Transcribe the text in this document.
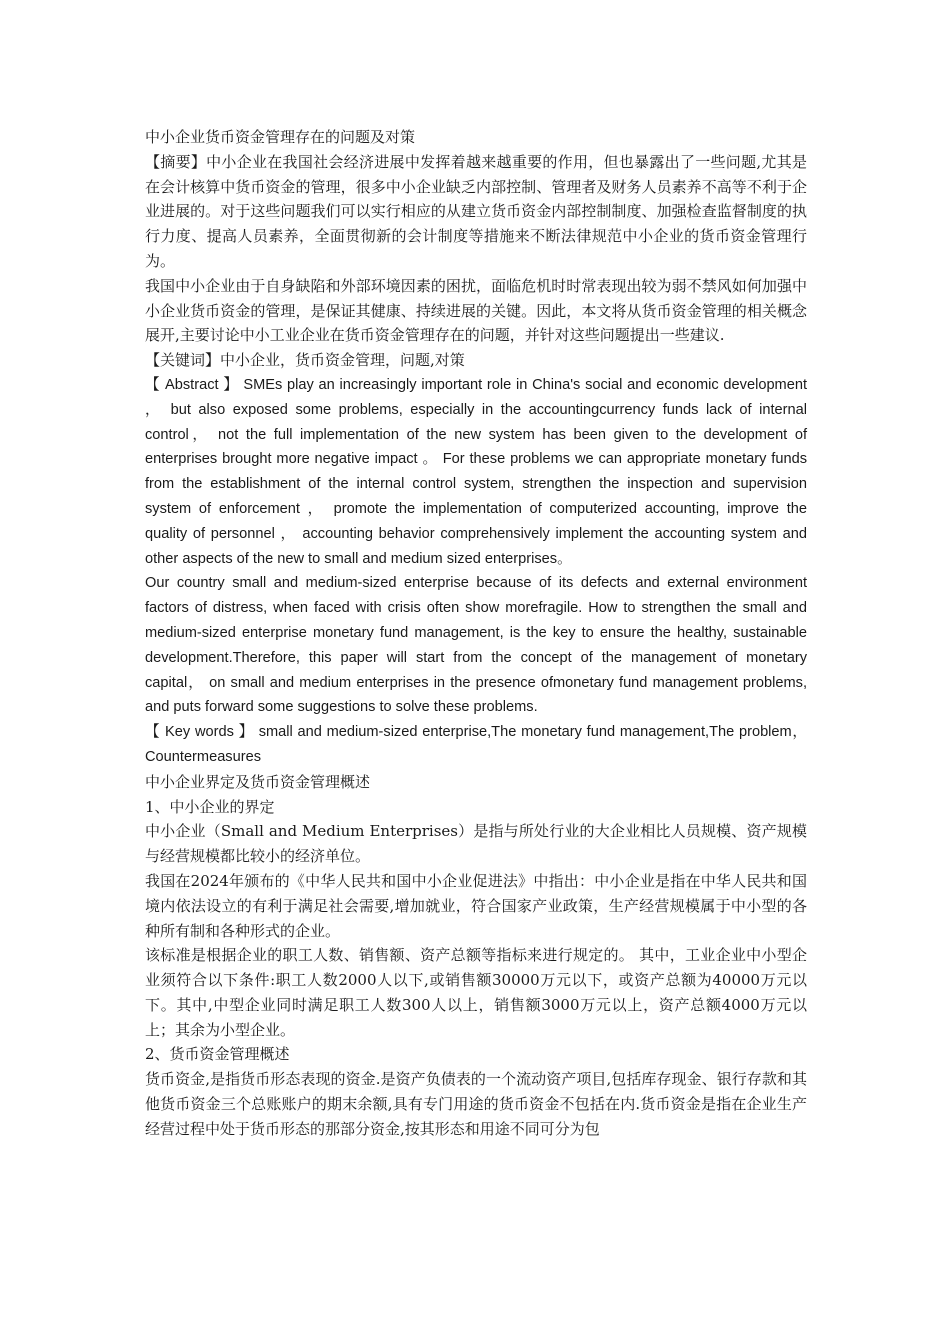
中小企业货币资金管理存在的问题及对策

【摘要】中小企业在我国社会经济进展中发挥着越来越重要的作用，但也暴露出了一些问题,尤其是在会计核算中货币资金的管理，很多中小企业缺乏内部控制、管理者及财务人员素养不高等不利于企业进展的。对于这些问题我们可以实行相应的从建立货币资金内部控制制度、加强检查监督制度的执行力度、提高人员素养，全面贯彻新的会计制度等措施来不断法律规范中小企业的货币资金管理行为。

我国中小企业由于自身缺陷和外部环境因素的困扰，面临危机时时常表现出较为弱不禁风如何加强中小企业货币资金的管理，是保证其健康、持续进展的关键。因此，本文将从货币资金管理的相关概念展开,主要讨论中小工业企业在货币资金管理存在的问题，并针对这些问题提出一些建议.

【关键词】中小企业，货币资金管理，问题,对策

【 Abstract 】 SMEs play an increasingly important role in China's social and economic development ， but also exposed some problems, especially in the accountingcurrency funds lack of internal control， not the full implementation of the new system has been given to the development of enterprises brought more negative impact 。 For these problems we can appropriate monetary funds from the establishment of the internal control system, strengthen the inspection and supervision system of enforcement ， promote the implementation of computerized accounting, improve the quality of personnel ， accounting behavior comprehensively implement the accounting system and other aspects of the new to small and medium sized enterprises。

Our country small and medium-sized enterprise because of its defects and external environment factors of distress, when faced with crisis often show morefragile. How to strengthen the small and medium-sized enterprise monetary fund management, is the key to ensure the healthy, sustainable development.Therefore, this paper will start from the concept of the management of monetary capital， on small and medium enterprises in the presence ofmonetary fund management problems, and puts forward some suggestions to solve these problems.

【 Key words 】 small and medium-sized enterprise,The monetary fund management,The problem，Countermeasures

中小企业界定及货币资金管理概述

1、中小企业的界定

中小企业（Small and Medium Enterprises）是指与所处行业的大企业相比人员规模、资产规模与经营规模都比较小的经济单位。

我国在2024年颁布的《中华人民共和国中小企业促进法》中指出：中小企业是指在中华人民共和国境内依法设立的有利于满足社会需要,增加就业，符合国家产业政策，生产经营规模属于中小型的各种所有制和各种形式的企业。

该标准是根据企业的职工人数、销售额、资产总额等指标来进行规定的。 其中，工业企业中小型企业须符合以下条件:职工人数2000人以下,或销售额30000万元以下，或资产总额为40000万元以下。其中,中型企业同时满足职工人数300人以上，销售额3000万元以上，资产总额4000万元以上；其余为小型企业。

2、货币资金管理概述

货币资金,是指货币形态表现的资金.是资产负债表的一个流动资产项目,包括库存现金、银行存款和其他货币资金三个总账账户的期末余额,具有专门用途的货币资金不包括在内.货币资金是指在企业生产经营过程中处于货币形态的那部分资金,按其形态和用途不同可分为包
